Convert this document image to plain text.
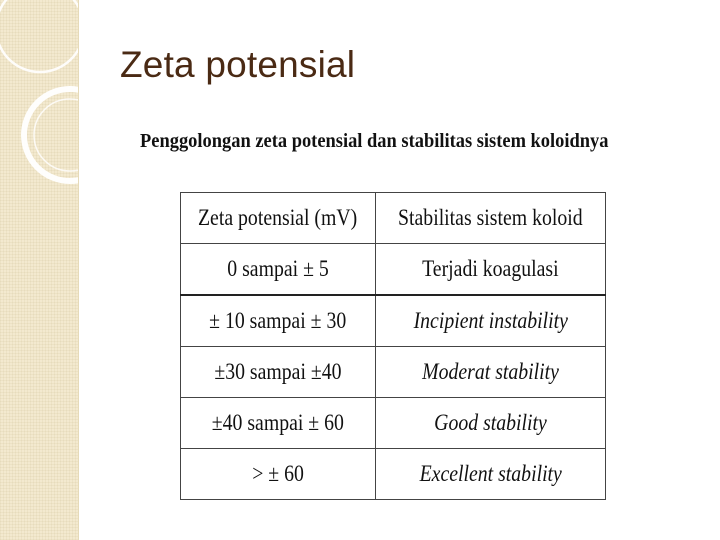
Zeta potensial
Penggolongan zeta potensial dan stabilitas sistem koloidnya
Zeta potensial (mV)	Stabilitas sistem koloid
0 sampai ± 5	Terjadi koagulasi
± 10 sampai ± 30	Incipient instability
±30 sampai ±40	Moderat stability
±40 sampai ± 60	Good stability
> ± 60	Excellent stability
